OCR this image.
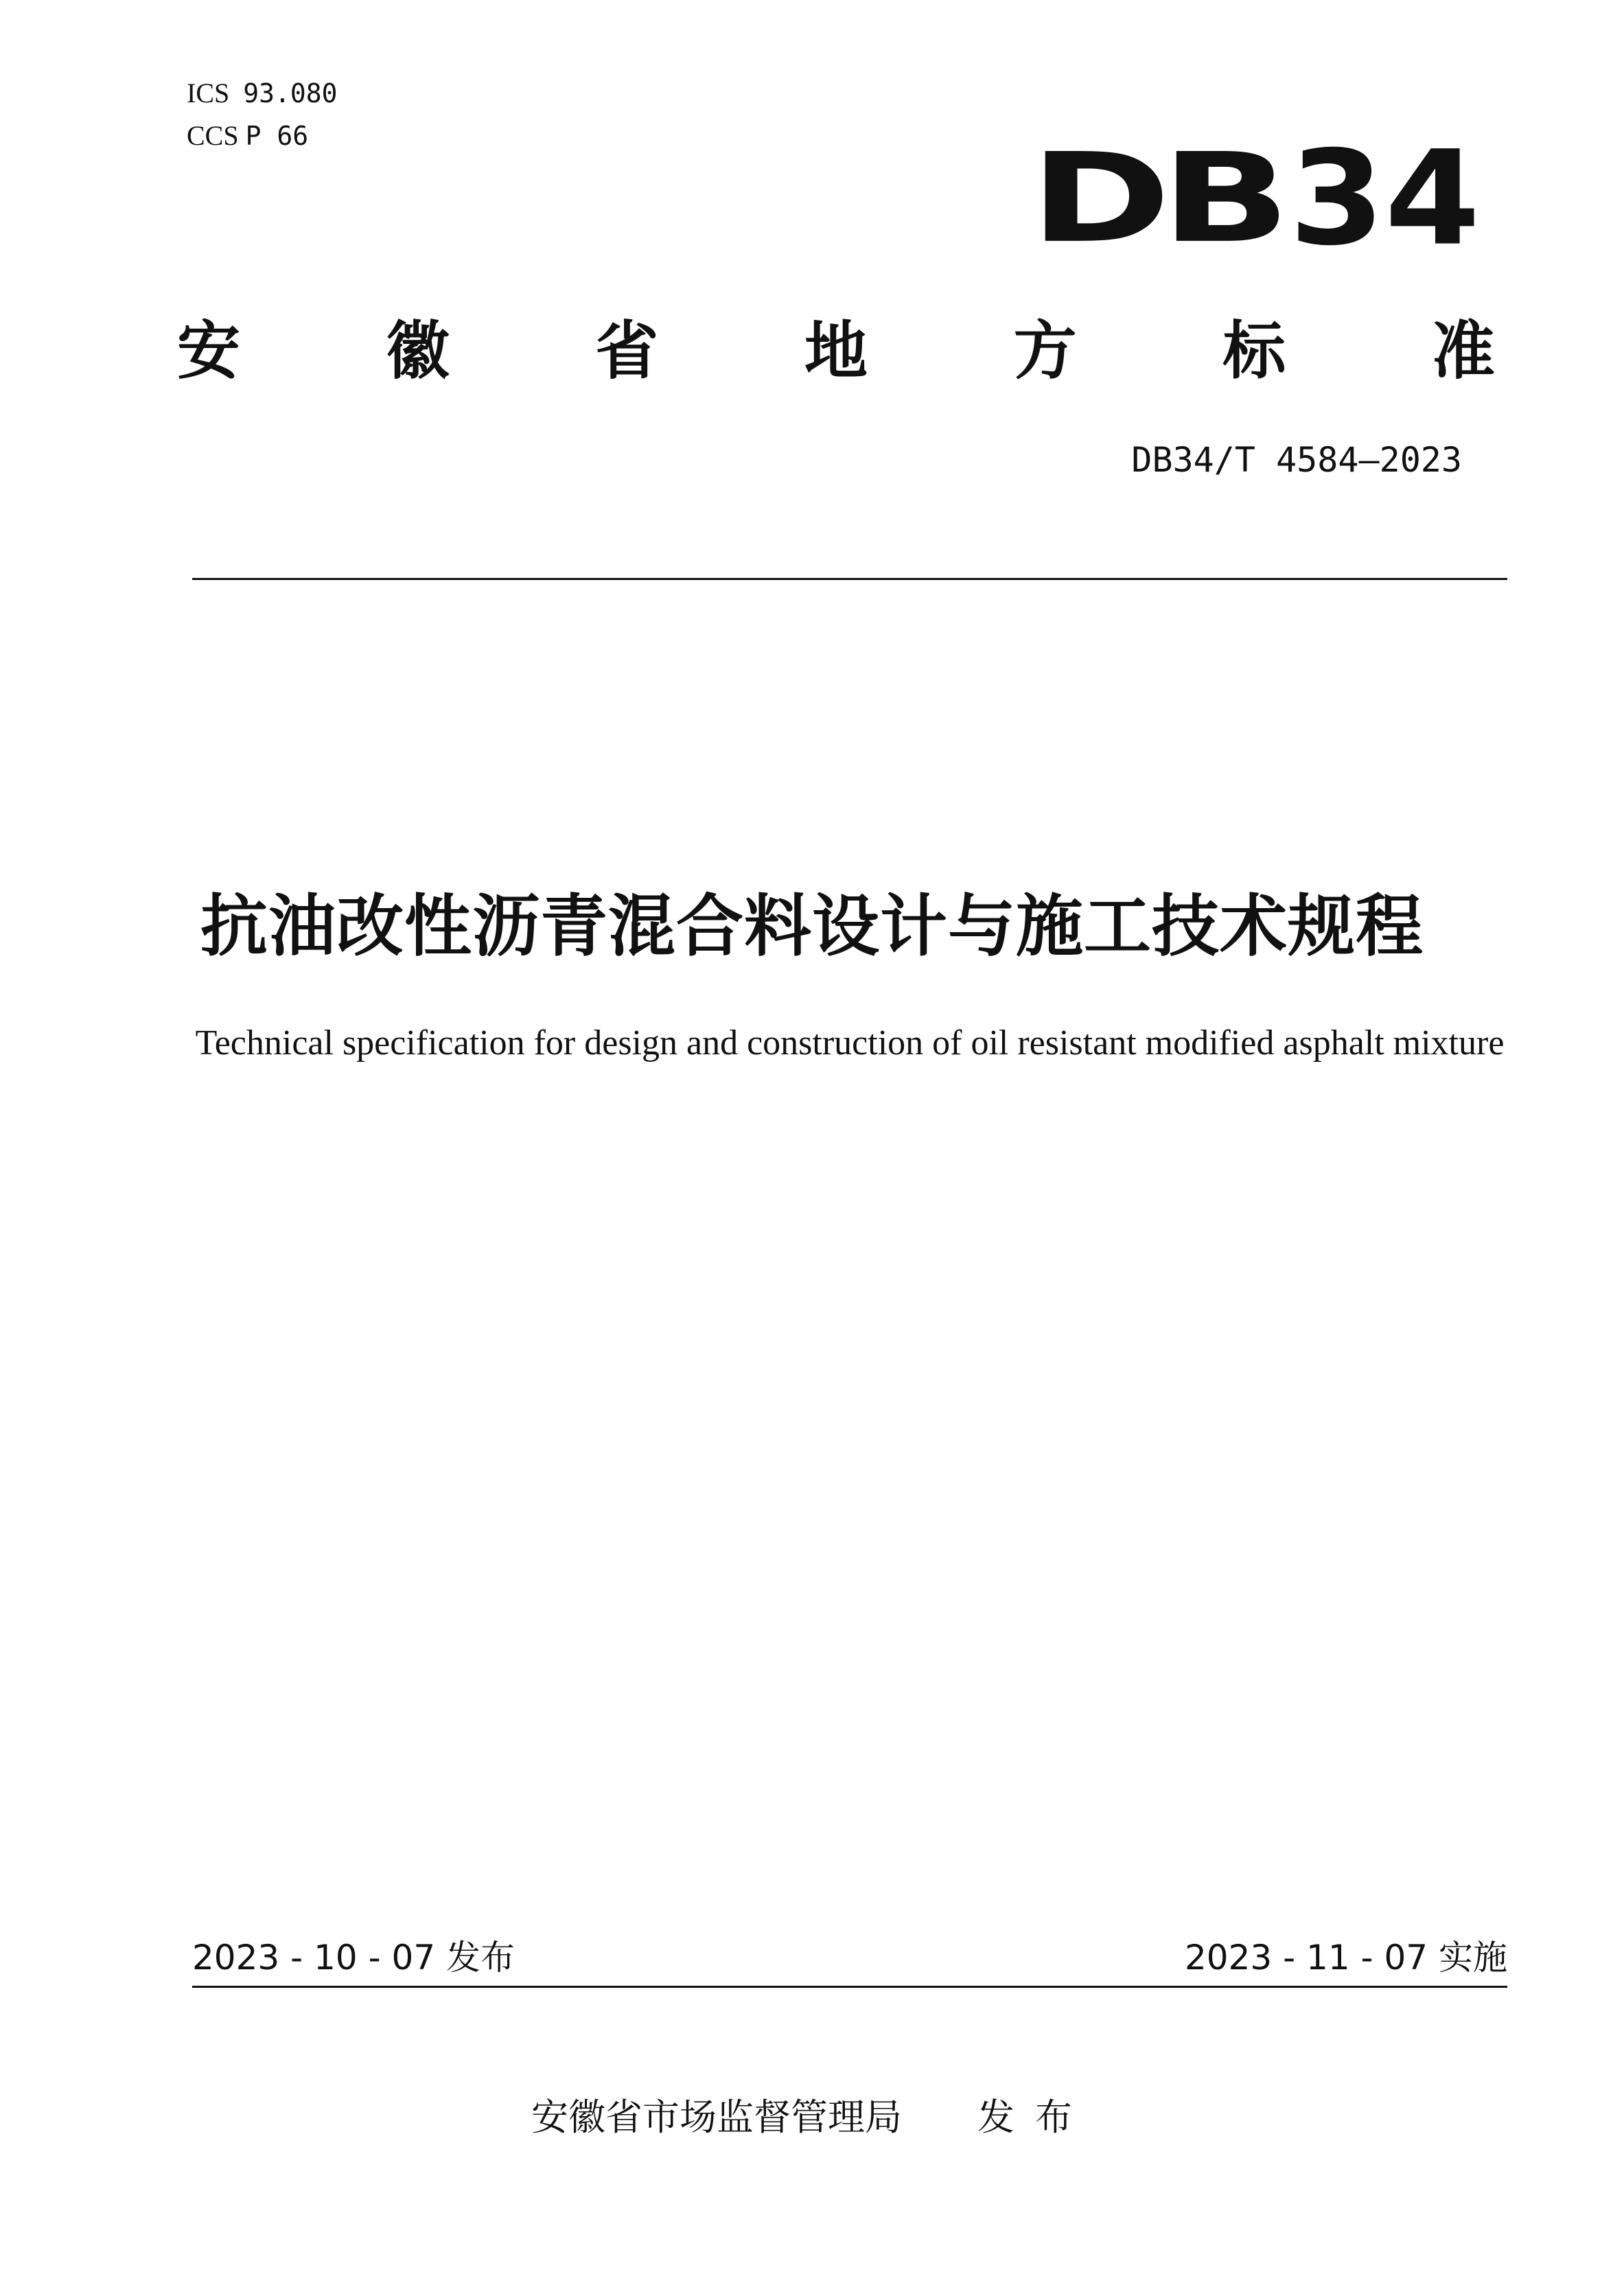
ICS 93.080
CCS P 66	DB 34
安 徽 省 地 方 标 准
DB34/T 4584—2023
抗油改性沥青混合料设计与施工技术规程
Technical specification for design and construction of oil resistant modified asphalt mixture
2023 - 10 - 07 发布	2023 - 11 - 07 实施
安徽省市场监督管理局 发布
